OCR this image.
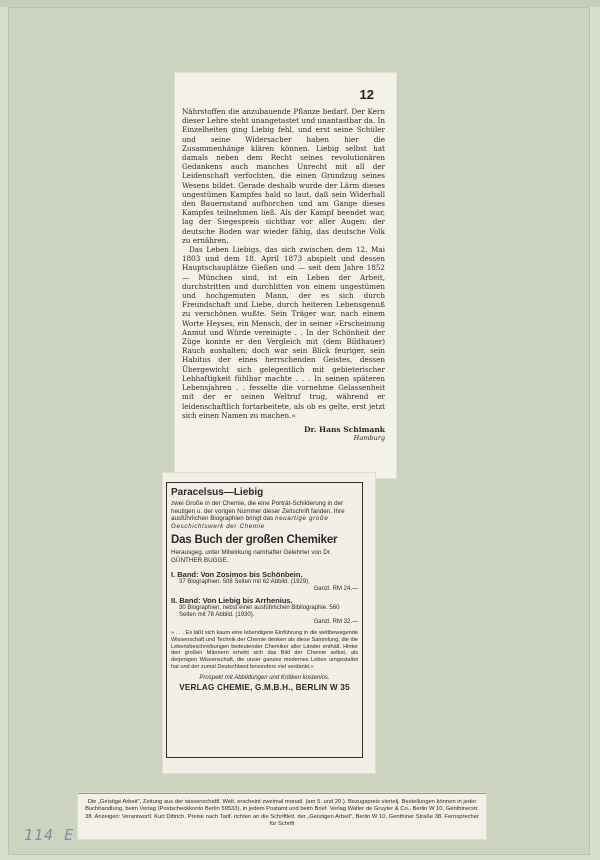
12

Nährstoffen die anzubauende Pflanze bedarf. Der Kern dieser Lehre steht unangetastet und unantastbar da. In Einzelheiten ging Liebig fehl, und erst seine Schüler und seine Widersacher haben hier die Zusammenhänge klären können. Liebig selbst hat damals neben dem Recht seines revolutionären Gedankens auch manches Unrecht mit all der Leidenschaft verfochten, die einen Grundzug seines Wesens bildet. Gerade deshalb wurde der Lärm dieses ungestümen Kampfes bald so laut, daß sein Widerhall den Bauernstand aufhorchen und am Gange dieses Kampfes teilnehmen ließ. Als der Kampf beendet war, lag der Siegespreis sichtbar vor aller Augen: der deutsche Boden war wieder fähig, das deutsche Volk zu ernähren.

Das Leben Liebigs, das sich zwischen dem 12. Mai 1803 und dem 18. April 1873 abspielt und dessen Hauptschauplätze Gießen und — seit dem Jahre 1852 — München sind, ist ein Leben der Arbeit, durchstritten und durchlitten von einem ungestümen und hochgemuten Mann, der es sich durch Freundschaft und Liebe, durch heiteren Lebensgenuß zu verschönen wußte. Sein Träger war, nach einem Worte Heyses, ein Mensch, der in seiner »Erscheinung Anmut und Würde vereinigte . . In der Schönheit der Züge konnte er den Vergleich mit (dem Bildhauer) Rauch aushalten; doch war sein Blick feuriger, sein Habitus der eines herrschenden Geistes, dessen Übergewicht sich gelegentlich mit gebieterischer Lebhaftigkeit fühlbar machte . . . In seinen späteren Lebensjahren . . fesselte die vornehme Gelassenheit mit der er seinen Weltruf trug, während er leidenschaftlich fortarbeitete, als ob es gelte, erst jetzt sich einen Namen zu machen.«

Dr. Hans Schimank
Hamburg

Paracelsus—Liebig

zwei Große in der Chemie, die eine Porträt-Schilderung in der heutigen u. der vorigen Nummer dieser Zeitschrift fanden. Ihre ausführlichen Biographien bringt das neuartige große Geschichtswerk der Chemie

Das Buch der großen Chemiker

Herausgeg. unter Mitwirkung namhafter Gelehrter von Dr. GÜNTHER BUGGE.

I. Band: Von Zosimos bis Schönbein.

37 Biographien. 508 Seiten mit 62 Abbild. (1929).

Ganzl. RM 24.—

II. Band: Von Liebig bis Arrhenius.

30 Biographien, nebst einer ausführlichen Bibliographie. 560 Seiten mit 78 Abbild. (1930).

Ganzl. RM 32.—

» . . . Es läßt sich kaum eine lebendigere Einführung in die weltbewegende Wissenschaft und Technik der Chemie denken als diese Sammlung, die die Lebensbeschreibungen bedeutender Chemiker aller Länder enthält. Hinter den großen Männern erhebt sich das Bild der Chemie selbst, als derjenigen Wissenschaft, die unser ganzes modernes Leben umgestaltet hat und der zumal Deutschland besonders viel verdankt.«

Prospekt mit Abbildungen und Kritiken kostenlos.

VERLAG CHEMIE, G.M.B.H., BERLIN W 35

Die „Geistige Arbeit", Zeitung aus der wissenschaftl. Welt, erscheint zweimal monatl. (am 5. und 20.). Bezugspreis viertelj. Bestellungen können in jeder Buchhandlung, beim Verlag (Postscheckkonto Berlin 59533), in jedem Postamt und beim Brief. Verlag Walter de Gruyter & Co., Berlin W 10, Genthinerstr. 38. Anzeigen: Verantwortl. Kurt Dittrich. Preise nach Tarif. richten an die Schriftleit. der „Geistigen Arbeit", Berlin W 10, Genthiner Straße 38. Fernsprecher für Schrift

114 E
